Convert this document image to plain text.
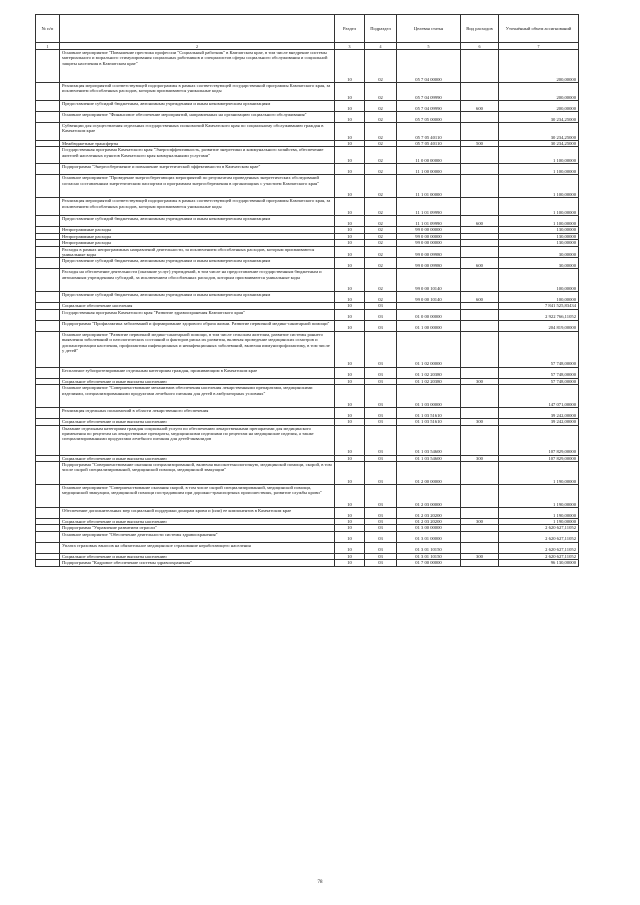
№ п/п		Раздел	Подраздел	Целевая статья	Вид расходов	Уточнённый объем ассигнований
1	2	3	4	5	6	7
	Основное мероприятие "Повышение престижа профессии "Социальный работник" в Камчатском крае, в том числе внедрение системы материального и морального стимулирования социальных работников и специалистов сферы социального обслуживания и социальной защиты населения в Камчатском крае"	10	02	05 7 04 00000		200,00000
	Реализация мероприятий соответствующей подпрограммы в рамках соответствующей государственной программы Камчатского края, за исключением обособленных расходов, которым присваиваются уникальные коды	10	02	05 7 04 09990		200,00000
	Предоставление субсидий бюджетным, автономным учреждениям и иным некоммерческим организациям	10	02	05 7 04 09990	600	200,00000
	Основное мероприятие "Финансовое обеспечение мероприятий, направленных на организацию социального обслуживания"	10	02	05 7 05 00000		30 234,25000
	Субвенции для осуществления отдельных государственных полномочий Камчатского края по социальному обслуживанию граждан в Камчатском крае	10	02	05 7 05 40110		30 234,25000
	Межбюджетные трансферты	10	02	05 7 05 40110	500	30 234,25000
	Государственная программа Камчатского края "Энергоэффективность, развитие энергетики и коммунального хозяйства, обеспечение жителей населенных пунктов Камчатского края коммунальными услугами"	10	02	11 0 00 00000		1 100,00000
	Подпрограмма "Энергосбережение и повышение энергетической эффективности в Камчатском крае"	10	02	11 1 00 00000		1 100,00000
	Основное мероприятие "Проведение энергосберегающих мероприятий по результатам проведенных энергетических обследований согласно составленным энергетическим паспортам и программам энергосбережения в организациях с участием Камчатского края"	10	02	11 1 01 00000		1 100,00000
	Реализация мероприятий соответствующей подпрограммы в рамках соответствующей государственной программы Камчатского края, за исключением обособленных расходов, которым присваиваются уникальные коды	10	02	11 1 01 09990		1 100,00000
	Предоставление субсидий бюджетным, автономным учреждениям и иным некоммерческим организациям	10	02	11 1 01 09990	600	1 100,00000
	Непрограммные расходы	10	02	99 0 00 00000		130,00000
	Непрограммные расходы	10	02	99 0 00 00000		130,00000
	Непрограммные расходы	10	02	99 0 00 00000		130,00000
	Расходы в рамках непрограммных направлений деятельности, за исключением обособленных расходов, которым присваиваются уникальные коды	10	02	99 0 00 09980		30,00000
	Предоставление субсидий бюджетным, автономным учреждениям и иным некоммерческим организациям	10	02	99 0 00 09980	600	30,00000
	Расходы на обеспечение деятельности (оказание услуг) учреждений, в том числе на предоставление государственным бюджетным и автономным учреждениям субсидий, за исключением обособленных расходов, которым присваиваются уникальные коды	10	02	99 0 00 10140		100,00000
	Предоставление субсидий бюджетным, автономным учреждениям и иным некоммерческим организациям	10	02	99 0 00 10140	600	100,00000
	Социальное обеспечение населения	10	03			7 841 525,83434
	Государственная программа Камчатского края "Развитие здравоохранения Камчатского края"	10	03	01 0 00 00000		2 922 766,11052
	Подпрограмма "Профилактика заболеваний и формирование здорового образа жизни. Развитие первичной медико-санитарной помощи"	10	03	01 1 00 00000		204 819,00000
	Основное мероприятие "Развитие первичной медико-санитарной помощи, в том числе сельским жителям, развитие системы раннего выявления заболеваний и патологических состояний и факторов риска их развития, включая проведение медицинских осмотров и диспансеризации населения, профилактика инфекционных и неинфекционных заболеваний, включая иммунопрофилактику, в том числе у детей"	10	03	01 1 02 00000		57 748,00000
	Бесплатное зубопротезирование отдельным категориям граждан, проживающим в Камчатском крае	10	03	01 1 02 20380		57 748,00000
	Социальное обеспечение и иные выплаты населению	10	03	01 1 02 20380	300	57 748,00000
	Основное мероприятие "Совершенствование механизмов обеспечения населения лекарственными препаратами, медицинскими изделиями, специализированными продуктами лечебного питания для детей в амбулаторных условиях"	10	03	01 1 03 00000		147 071,00000
	Реализация отдельных полномочий в области лекарственного обеспечения	10	03	01 1 03 51610		39 242,00000
	Социальное обеспечение и иные выплаты населению	10	03	01 1 03 51610	300	39 242,00000
	Оказание отдельным категориям граждан социальной услуги по обеспечению лекарственными препаратами для медицинского применения по рецептам на лекарственные препараты, медицинскими изделиями по рецептам на медицинские изделия, а также специализированными продуктами лечебного питания для детей-инвалидов	10	03	01 1 03 54600		107 829,00000
	Социальное обеспечение и иные выплаты населению	10	03	01 1 03 54600	300	107 829,00000
	Подпрограмма "Совершенствование оказания специализированной, включая высокотехнологичную, медицинской помощи, скорой, в том числе скорой специализированной, медицинской помощи, медицинской эвакуации"	10	03	01 2 00 00000		1 190,00000
	Основное мероприятие "Совершенствование оказания скорой, в том числе скорой специализированной, медицинской помощи, медицинской эвакуации, медицинской помощи пострадавшим при дорожно-транспортных происшествиях, развитие службы крови"	10	03	01 2 03 00000		1 190,00000
	Обеспечение дополнительных мер социальной поддержки донорам крови и (или) ее компонентов в Камчатском крае	10	03	01 2 03 20200		1 190,00000
	Социальное обеспечение и иные выплаты населению	10	03	01 2 03 20200	300	1 190,00000
	Подпрограмма "Управление развитием отрасли"	10	03	01 3 00 00000		2 620 627,11052
	Основное мероприятие "Обеспечение деятельности системы здравоохранения"	10	03	01 3 01 00000		2 620 627,11052
	Уплата страховых взносов на обязательное медицинское страхование неработающего населения	10	03	01 3 01 10150		2 620 627,11052
	Социальное обеспечение и иные выплаты населению	10	03	01 3 01 10150	300	2 620 627,11052
	Подпрограмма "Кадровое обеспечение системы здравоохранения"	10	03	01 7 00 00000		96 130,00000
78
